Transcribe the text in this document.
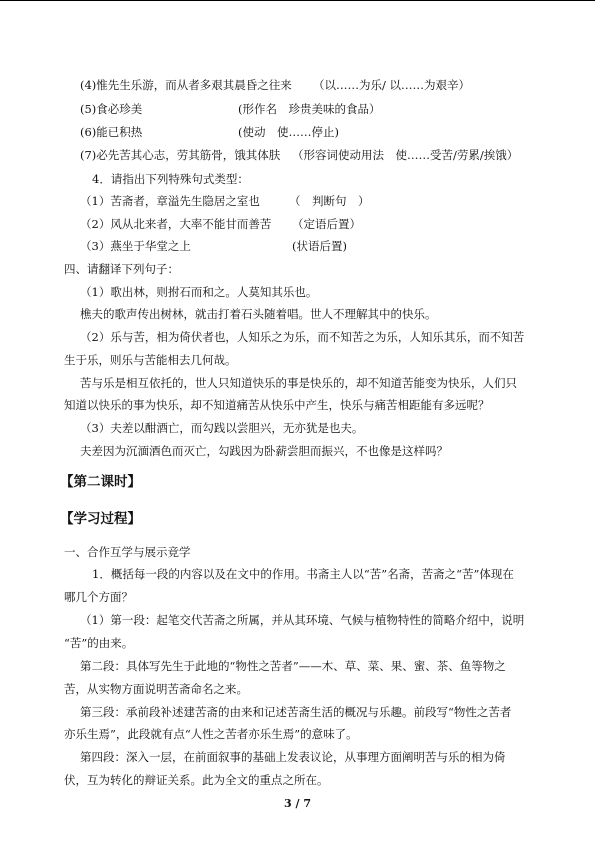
(4)惟先生乐游，而从者多艰其晨昏之往来 （以……为乐/ 以……为艰辛）
(5)食必珍美	(形作名　珍贵美味的食品）
(6)能已积热	(使动　使……停止)
(7)必先苦其心志，劳其筋骨，饿其体肤 （形容词使动用法　使……受苦/劳累/挨饿）
4．请指出下列特殊句式类型：
（1）苦斋者，章溢先生隐居之室也	（　判断句　）
（2）风从北来者，大率不能甘而善苦 （定语后置）
（3）燕坐于华堂之上	(状语后置)
四、请翻译下列句子：
（1）歌出林，则拊石而和之。人莫知其乐也。
樵夫的歌声传出树林，就击打着石头随着唱。世人不理解其中的快乐。
（2）乐与苦，相为倚伏者也，人知乐之为乐，而不知苦之为乐，人知乐其乐，而不知苦
生于乐，则乐与苦能相去几何哉。
苦与乐是相互依托的，世人只知道快乐的事是快乐的，却不知道苦能变为快乐，人们只
知道以快乐的事为快乐，却不知道痛苦从快乐中产生，快乐与痛苦相距能有多远呢？
（3）夫差以酣酒亡，而勾践以尝胆兴，无亦犹是也夫。
夫差因为沉湎酒色而灭亡，勾践因为卧薪尝胆而振兴，不也像是这样吗？
【第二课时】
【学习过程】
一、合作互学与展示竞学
1．概括每一段的内容以及在文中的作用。书斋主人以“苦”名斋，苦斋之“苦”体现在
哪几个方面？
（1）第一段：起笔交代苦斋之所属，并从其环境、气候与植物特性的简略介绍中，说明
“苦”的由来。
第二段：具体写先生于此地的“物性之苦者”——木、草、菜、果、蜜、茶、鱼等物之
苦，从实物方面说明苦斋命名之来。
第三段：承前段补述建苦斋的由来和记述苦斋生活的概况与乐趣。前段写“物性之苦者
亦乐生焉”，此段就有点“人性之苦者亦乐生焉”的意味了。
第四段：深入一层，在前面叙事的基础上发表议论，从事理方面阐明苦与乐的相为倚
伏，互为转化的辩证关系。此为全文的重点之所在。
3 / 7
